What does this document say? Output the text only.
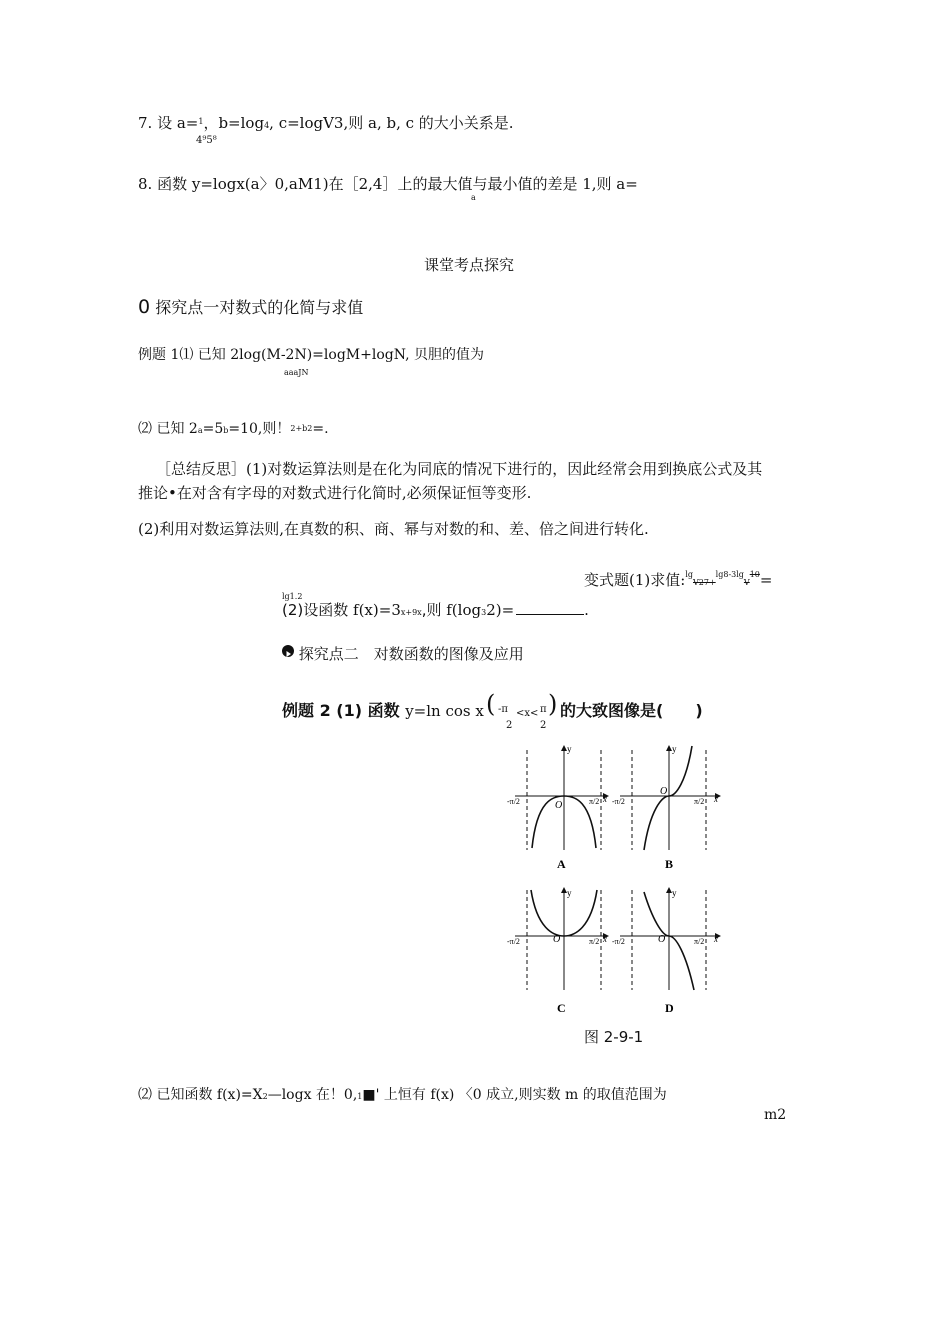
7. 设 a=$^1$，b=log4, c=logV3,则 a, b, c 的大小关系是.
4⁹5⁸
8. 函数 y=logx(a〉0,aM1)在［2,4］上的最大值与最小值的差是 1,则 a=
a
课堂考点探究
0 探究点一对数式的化简与求值
例题 1⑴ 已知 2log(M-2N)=logM+logN, 贝胆的值为
aaaJN
⑵ 已知 2a=5b=10,则！2+b2=.
［总结反思］(1)对数运算法则是在化为同底的情况下进行的，因此经常会用到换底公式及其
推论•在对含有字母的对数式进行化简时,必须保证恒等变形.
(2)利用对数运算法则,在真数的积、商、幂与对数的和、差、倍之间进行转化.
变式题(1)求值$:^{lg}V27+^{lg8-3lg}V^{10}=$
lg1.2
(2)设函数 f(x)=3x+9x,则 f(log32)=	.
探究点二　对数函数的图像及应用
例题 2 (1) 函数 y=ln cos x ( -π
2
<x< π
2
) 的大致图像是(　　)
y
x
O
-π/2	π/2
A
y
x
O
-π/2	π/2
B
y
x
O
-π/2	π/2
C
y
x
O
-π/2	π/2
D
图 2-9-1
⑵ 已知函数 f(x)=X2—logx 在！0,1■' 上恒有 f(x) 〈0 成立,则实数 m 的取值范围为
m2
